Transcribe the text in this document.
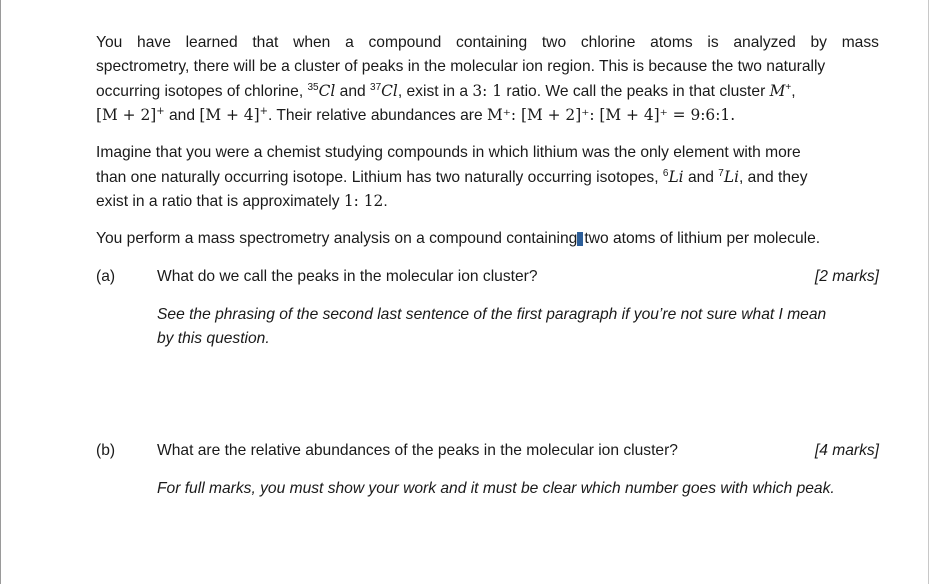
You have learned that when a compound containing two chlorine atoms is analyzed by mass
spectrometry, there will be a cluster of peaks in the molecular ion region. This is because the two naturally
occurring isotopes of chlorine, $^{35}$Cl and $^{37}$Cl, exist in a 3: 1 ratio. We call the peaks in that cluster M+,
[M + 2]+ and [M + 4]+. Their relative abundances are M⁺: [M + 2]⁺: [M + 4]⁺ = 9:6:1.
Imagine that you were a chemist studying compounds in which lithium was the only element with more
than one naturally occurring isotope. Lithium has two naturally occurring isotopes, $^6$Li and $^7$Li, and they
exist in a ratio that is approximately 1: 12.
You perform a mass spectrometry analysis on a compound containing two atoms of lithium per molecule.
(a)	What do we call the peaks in the molecular ion cluster?	[2 marks]
See the phrasing of the second last sentence of the first paragraph if you’re not sure what I mean
by this question.
(b)	What are the relative abundances of the peaks in the molecular ion cluster?	[4 marks]
For full marks, you must show your work and it must be clear which number goes with which peak.
